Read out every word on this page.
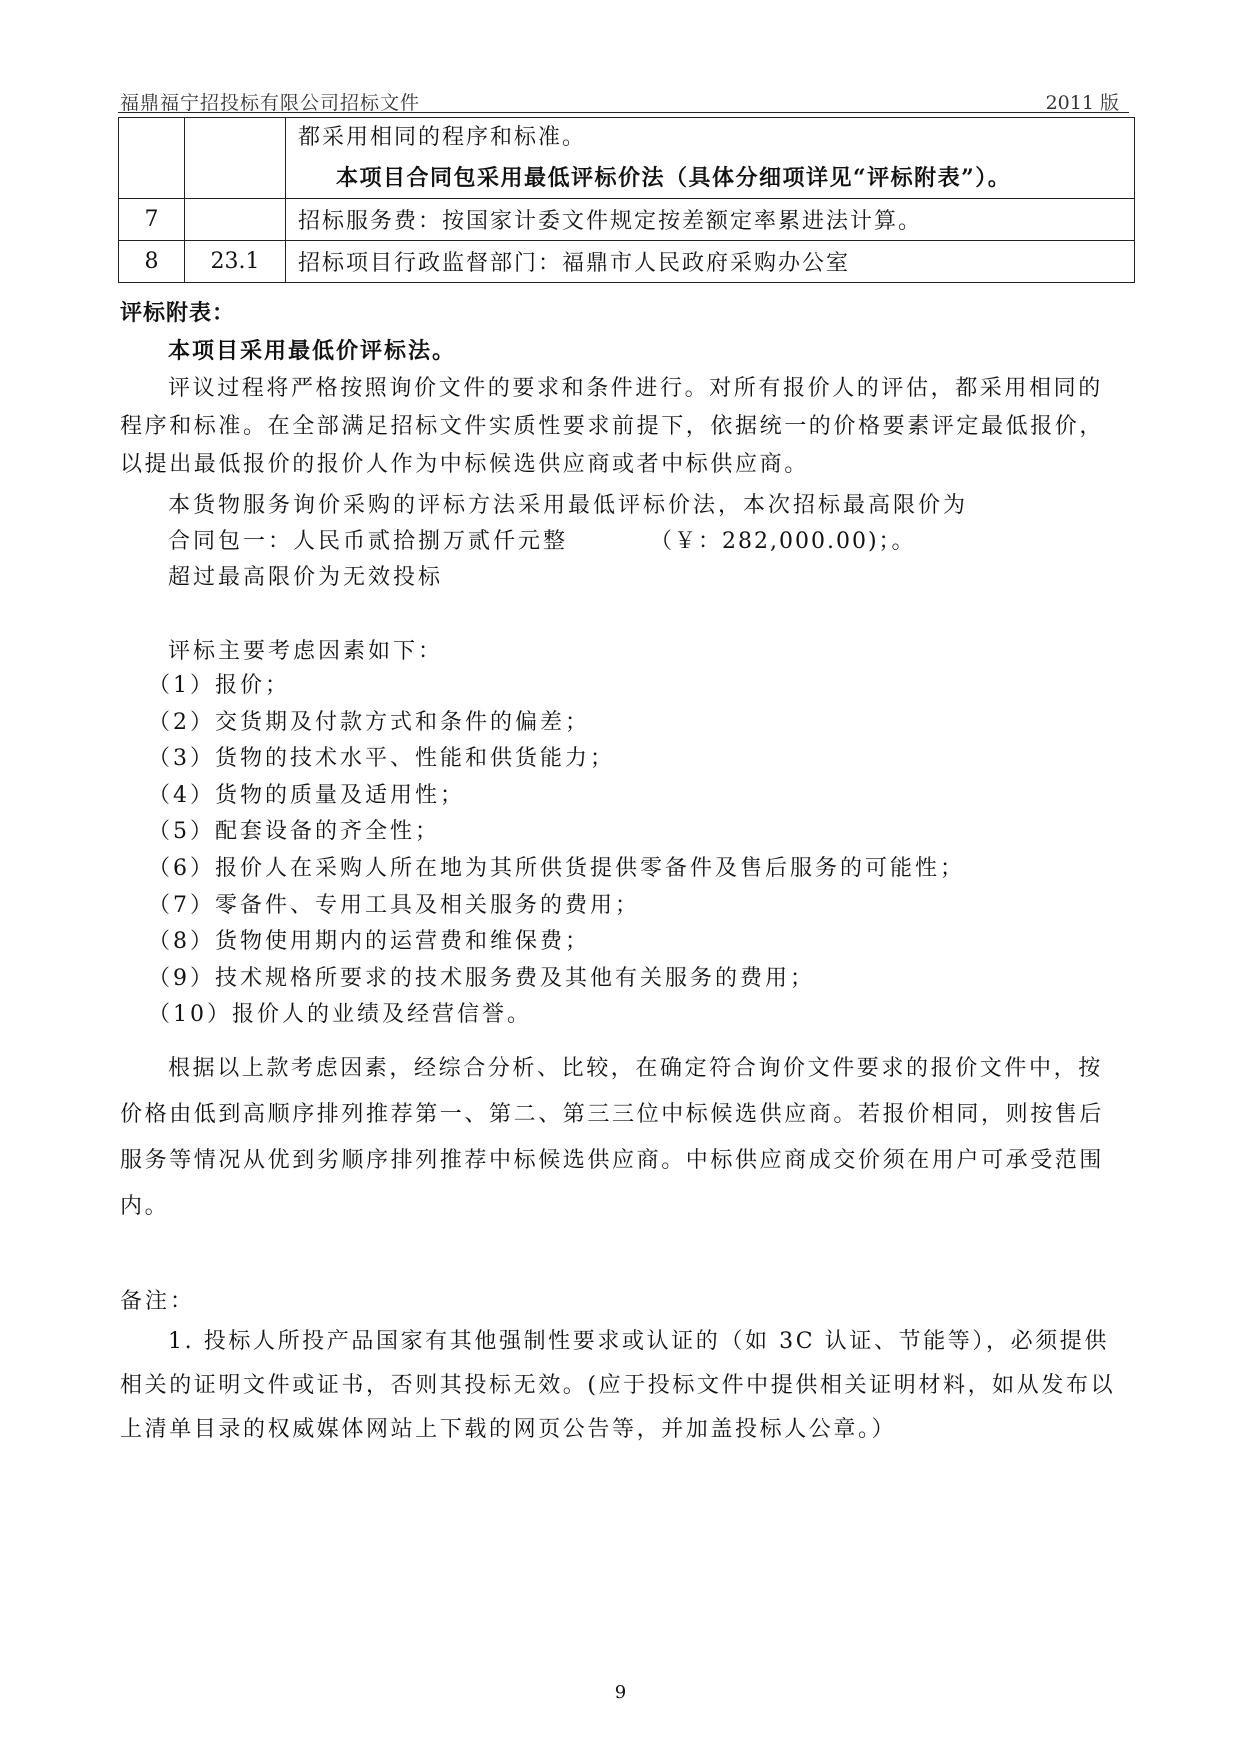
福鼎福宁招投标有限公司招标文件	2011 版

		都采用相同的程序和标准。
本项目合同包采用最低评标价法（具体分细项详见“评标附表”）。

7		招标服务费：按国家计委文件规定按差额定率累进法计算。
8	23.1	招标项目行政监督部门：福鼎市人民政府采购办公室
评标附表：
本项目采用最低价评标法。
评议过程将严格按照询价文件的要求和条件进行。对所有报价人的评估，都采用相同的
程序和标准。在全部满足招标文件实质性要求前提下，依据统一的价格要素评定最低报价，
以提出最低报价的报价人作为中标候选供应商或者中标供应商。
本货物服务询价采购的评标方法采用最低评标价法，本次招标最高限价为
合同包一：人民币贰拾捌万贰仟元整	（￥：282,000.00)；。
超过最高限价为无效投标
评标主要考虑因素如下：
（1）报价；
（2）交货期及付款方式和条件的偏差；
（3）货物的技术水平、性能和供货能力；
（4）货物的质量及适用性；
（5）配套设备的齐全性；
（6）报价人在采购人所在地为其所供货提供零备件及售后服务的可能性；
（7）零备件、专用工具及相关服务的费用；
（8）货物使用期内的运营费和维保费；
（9）技术规格所要求的技术服务费及其他有关服务的费用；
（10）报价人的业绩及经营信誉。
根据以上款考虑因素，经综合分析、比较，在确定符合询价文件要求的报价文件中，按
价格由低到高顺序排列推荐第一、第二、第三三位中标候选供应商。若报价相同，则按售后
服务等情况从优到劣顺序排列推荐中标候选供应商。中标供应商成交价须在用户可承受范围
内。
备注：
1. 投标人所投产品国家有其他强制性要求或认证的（如 3C 认证、节能等），必须提供
相关的证明文件或证书，否则其投标无效。(应于投标文件中提供相关证明材料，如从发布以
上清单目录的权威媒体网站上下载的网页公告等，并加盖投标人公章。）
9
